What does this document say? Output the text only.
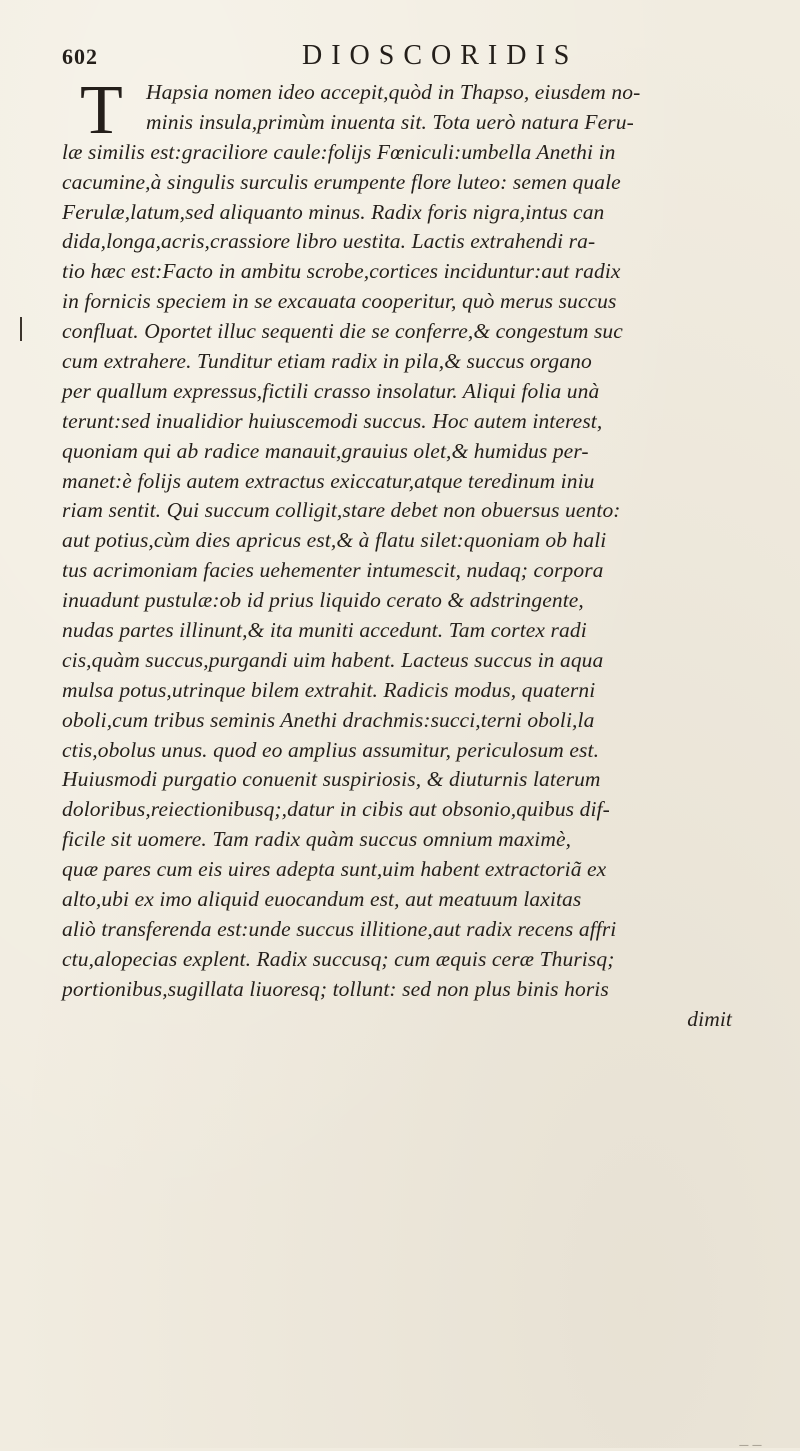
602	DIOSCORIDIS
T	Hapsia nomen ideo accepit,quòd in Thapso, eiusdem no-
minis insula,primùm inuenta sit. Tota uerò natura Feru-
læ similis est:graciliore caule:folijs Fœniculi:umbella Anethi in
cacumine,à singulis surculis erumpente flore luteo: semen quale
Ferulæ,latum,sed aliquanto minus. Radix foris nigra,intus can
dida,longa,acris,crassiore libro uestita. Lactis extrahendi ra-
tio hæc est:Facto in ambitu scrobe,cortices inciduntur:aut radix
in fornicis speciem in se excauata cooperitur, quò merus succus
confluat. Oportet illuc sequenti die se conferre,& congestum suc
cum extrahere. Tunditur etiam radix in pila,& succus organo
per quallum expressus,fictili crasso insolatur. Aliqui folia unà
terunt:sed inualidior huiuscemodi succus. Hoc autem interest,
quoniam qui ab radice manauit,grauius olet,& humidus per-
manet:è folijs autem extractus exiccatur,atque teredinum iniu
riam sentit. Qui succum colligit,stare debet non obuersus uento:
aut potius,cùm dies apricus est,& à flatu silet:quoniam ob hali
tus acrimoniam facies uehementer intumescit, nudaq; corpora
inuadunt pustulæ:ob id prius liquido cerato & adstringente,
nudas partes illinunt,& ita muniti accedunt. Tam cortex radi
cis,quàm succus,purgandi uim habent. Lacteus succus in aqua
mulsa potus,utrinque bilem extrahit. Radicis modus, quaterni
oboli,cum tribus seminis Anethi drachmis:succi,terni oboli,la
ctis,obolus unus. quod eo amplius assumitur, periculosum est.
Huiusmodi purgatio conuenit suspiriosis, & diuturnis laterum
doloribus,reiectionibusq;,datur in cibis aut obsonio,quibus dif-
ficile sit uomere. Tam radix quàm succus omnium maximè,
quæ pares cum eis uires adepta sunt,uim habent extractoriã ex
alto,ubi ex imo aliquid euocandum est, aut meatuum laxitas
aliò transferenda est:unde succus illitione,aut radix recens affri
ctu,alopecias explent. Radix succusq; cum æquis ceræ Thurisq;
portionibus,sugillata liuoresq; tollunt: sed non plus binis horis
dimit
— —
